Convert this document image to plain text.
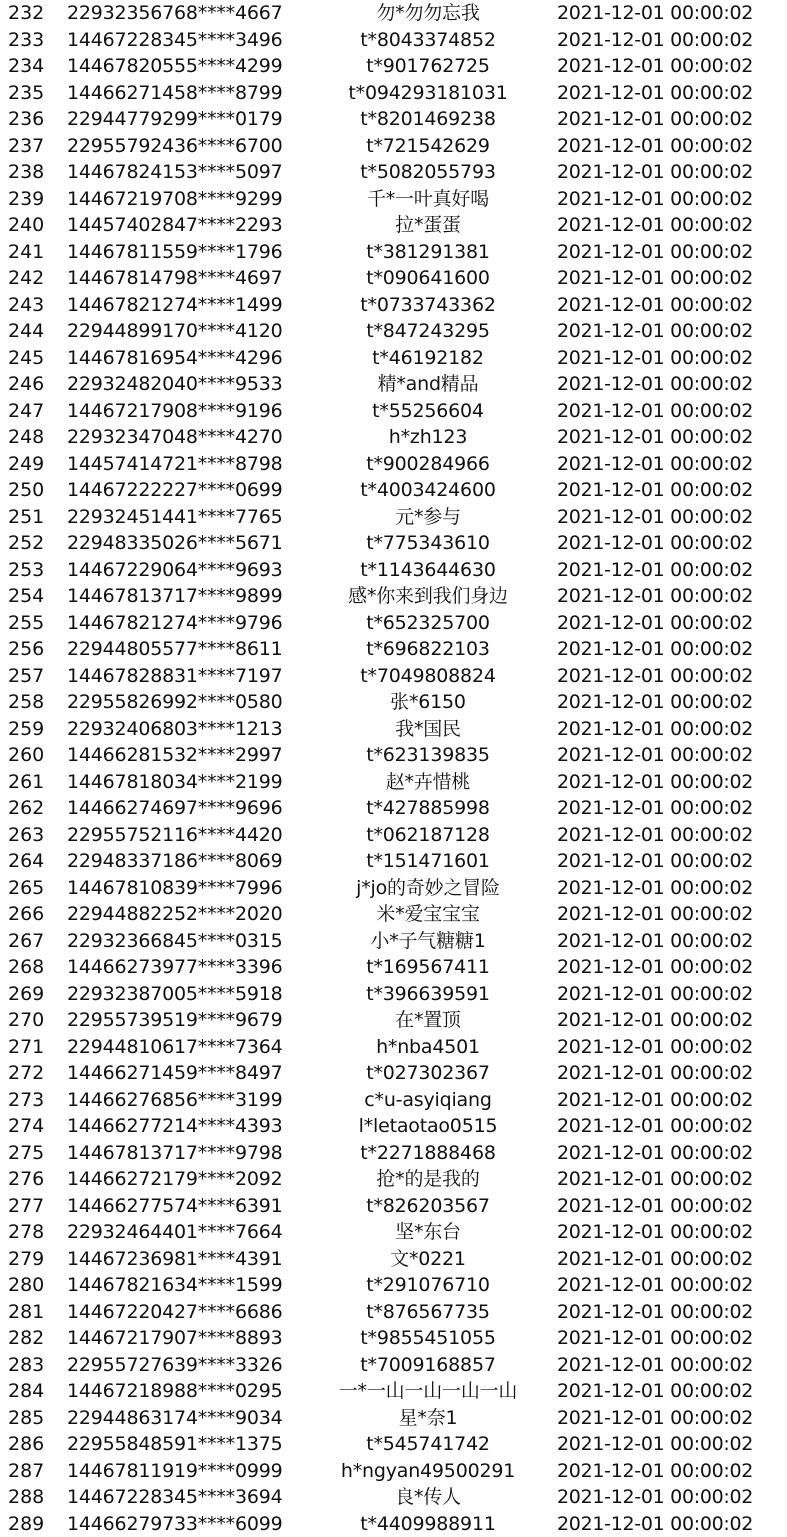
232	22932356768****4667	勿*勿勿忘我	2021-12-01 00:00:02
233	14467228345****3496	t*8043374852	2021-12-01 00:00:02
234	14467820555****4299	t*901762725	2021-12-01 00:00:02
235	14466271458****8799	t*094293181031	2021-12-01 00:00:02
236	22944779299****0179	t*8201469238	2021-12-01 00:00:02
237	22955792436****6700	t*721542629	2021-12-01 00:00:02
238	14467824153****5097	t*5082055793	2021-12-01 00:00:02
239	14467219708****9299	千*一叶真好喝	2021-12-01 00:00:02
240	14457402847****2293	拉*蛋蛋	2021-12-01 00:00:02
241	14467811559****1796	t*381291381	2021-12-01 00:00:02
242	14467814798****4697	t*090641600	2021-12-01 00:00:02
243	14467821274****1499	t*0733743362	2021-12-01 00:00:02
244	22944899170****4120	t*847243295	2021-12-01 00:00:02
245	14467816954****4296	t*46192182	2021-12-01 00:00:02
246	22932482040****9533	精*and精品	2021-12-01 00:00:02
247	14467217908****9196	t*55256604	2021-12-01 00:00:02
248	22932347048****4270	h*zh123	2021-12-01 00:00:02
249	14457414721****8798	t*900284966	2021-12-01 00:00:02
250	14467222227****0699	t*4003424600	2021-12-01 00:00:02
251	22932451441****7765	元*参与	2021-12-01 00:00:02
252	22948335026****5671	t*775343610	2021-12-01 00:00:02
253	14467229064****9693	t*1143644630	2021-12-01 00:00:02
254	14467813717****9899	感*你来到我们身边	2021-12-01 00:00:02
255	14467821274****9796	t*652325700	2021-12-01 00:00:02
256	22944805577****8611	t*696822103	2021-12-01 00:00:02
257	14467828831****7197	t*7049808824	2021-12-01 00:00:02
258	22955826992****0580	张*6150	2021-12-01 00:00:02
259	22932406803****1213	我*国民	2021-12-01 00:00:02
260	14466281532****2997	t*623139835	2021-12-01 00:00:02
261	14467818034****2199	赵*卉惜桃	2021-12-01 00:00:02
262	14466274697****9696	t*427885998	2021-12-01 00:00:02
263	22955752116****4420	t*062187128	2021-12-01 00:00:02
264	22948337186****8069	t*151471601	2021-12-01 00:00:02
265	14467810839****7996	j*jo的奇妙之冒险	2021-12-01 00:00:02
266	22944882252****2020	米*爱宝宝宝	2021-12-01 00:00:02
267	22932366845****0315	小*子气糖糖1	2021-12-01 00:00:02
268	14466273977****3396	t*169567411	2021-12-01 00:00:02
269	22932387005****5918	t*396639591	2021-12-01 00:00:02
270	22955739519****9679	在*置顶	2021-12-01 00:00:02
271	22944810617****7364	h*nba4501	2021-12-01 00:00:02
272	14466271459****8497	t*027302367	2021-12-01 00:00:02
273	14466276856****3199	c*u-asyiqiang	2021-12-01 00:00:02
274	14466277214****4393	l*letaotao0515	2021-12-01 00:00:02
275	14467813717****9798	t*2271888468	2021-12-01 00:00:02
276	14466272179****2092	抢*的是我的	2021-12-01 00:00:02
277	14466277574****6391	t*826203567	2021-12-01 00:00:02
278	22932464401****7664	坚*东台	2021-12-01 00:00:02
279	14467236981****4391	文*0221	2021-12-01 00:00:02
280	14467821634****1599	t*291076710	2021-12-01 00:00:02
281	14467220427****6686	t*876567735	2021-12-01 00:00:02
282	14467217907****8893	t*9855451055	2021-12-01 00:00:02
283	22955727639****3326	t*7009168857	2021-12-01 00:00:02
284	14467218988****0295	一*一山一山一山一山	2021-12-01 00:00:02
285	22944863174****9034	星*奈1	2021-12-01 00:00:02
286	22955848591****1375	t*545741742	2021-12-01 00:00:02
287	14467811919****0999	h*ngyan49500291	2021-12-01 00:00:02
288	14467228345****3694	良*传人	2021-12-01 00:00:02
289	14466279733****6099	t*4409988911	2021-12-01 00:00:02
